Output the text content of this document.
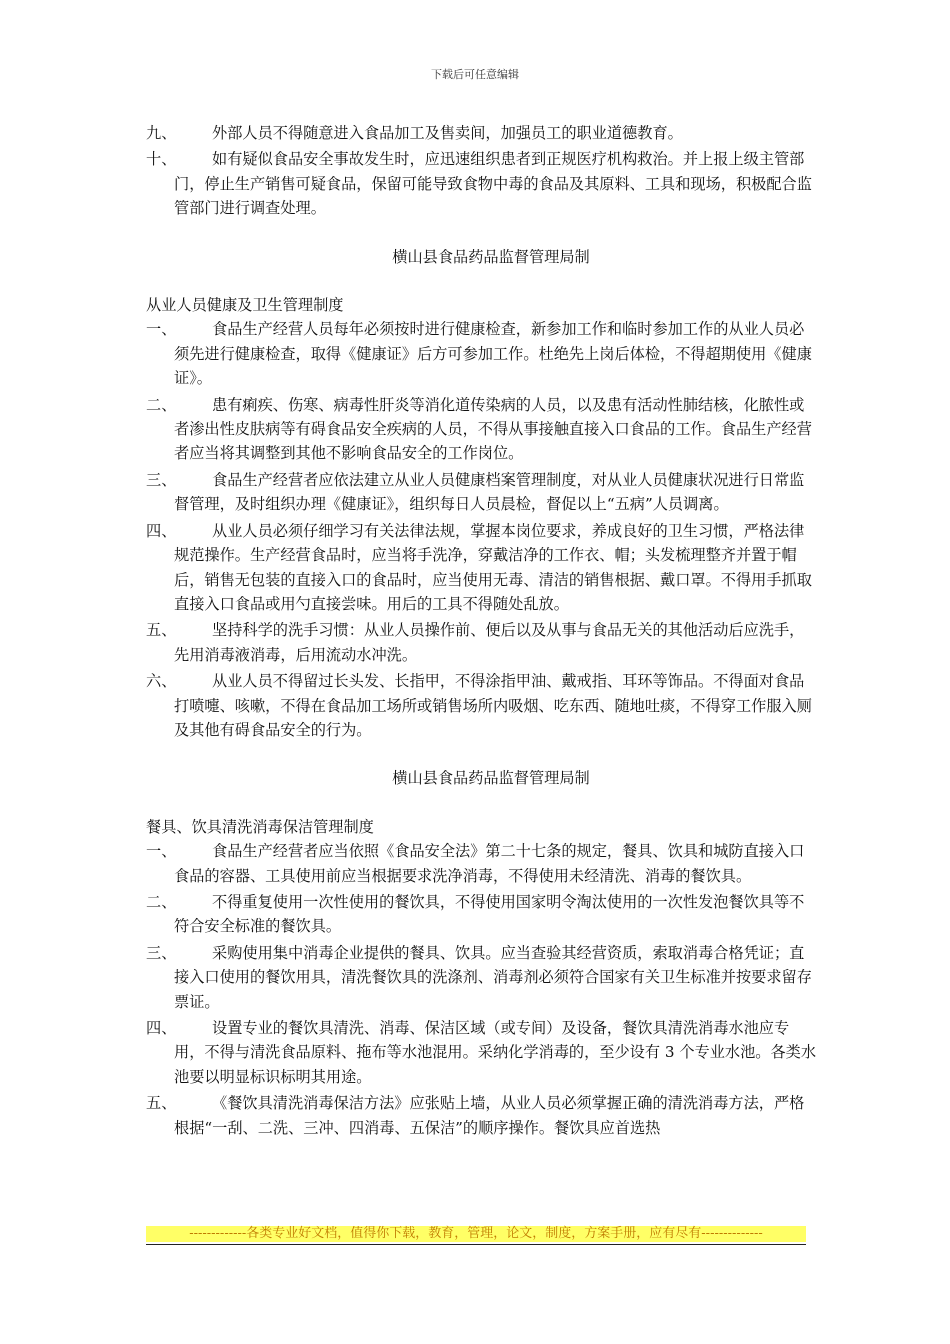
下载后可任意编辑
九、	外部人员不得随意进入食品加工及售卖间，加强员工的职业道德教育。
十、	如有疑似食品安全事故发生时，应迅速组织患者到正规医疗机构救治。并上报上级主管部门，停止生产销售可疑食品，保留可能导致食物中毒的食品及其原料、工具和现场，积极配合监管部门进行调查处理。
横山县食品药品监督管理局制
从业人员健康及卫生管理制度
一、	食品生产经营人员每年必须按时进行健康检查，新参加工作和临时参加工作的从业人员必须先进行健康检查，取得《健康证》后方可参加工作。杜绝先上岗后体检，不得超期使用《健康证》。
二、	患有痢疾、伤寒、病毒性肝炎等消化道传染病的人员，以及患有活动性肺结核，化脓性或者渗出性皮肤病等有碍食品安全疾病的人员，不得从事接触直接入口食品的工作。食品生产经营者应当将其调整到其他不影响食品安全的工作岗位。
三、	食品生产经营者应依法建立从业人员健康档案管理制度，对从业人员健康状况进行日常监督管理，及时组织办理《健康证》，组织每日人员晨检，督促以上“五病”人员调离。
四、	从业人员必须仔细学习有关法律法规，掌握本岗位要求，养成良好的卫生习惯，严格法律规范操作。生产经营食品时，应当将手洗净，穿戴洁净的工作衣、帽；头发梳理整齐并置于帽后，销售无包装的直接入口的食品时，应当使用无毒、清洁的销售根据、戴口罩。不得用手抓取直接入口食品或用勺直接尝味。用后的工具不得随处乱放。
五、	坚持科学的洗手习惯：从业人员操作前、便后以及从事与食品无关的其他活动后应洗手，先用消毒液消毒，后用流动水冲洗。
六、	从业人员不得留过长头发、长指甲，不得涂指甲油、戴戒指、耳环等饰品。不得面对食品打喷嚏、咳嗽，不得在食品加工场所或销售场所内吸烟、吃东西、随地吐痰，不得穿工作服入厕及其他有碍食品安全的行为。
横山县食品药品监督管理局制
餐具、饮具清洗消毒保洁管理制度
一、	食品生产经营者应当依照《食品安全法》第二十七条的规定，餐具、饮具和城防直接入口食品的容器、工具使用前应当根据要求洗净消毒，不得使用未经清洗、消毒的餐饮具。
二、	不得重复使用一次性使用的餐饮具，不得使用国家明令淘汰使用的一次性发泡餐饮具等不符合安全标准的餐饮具。
三、	采购使用集中消毒企业提供的餐具、饮具。应当查验其经营资质，索取消毒合格凭证；直接入口使用的餐饮用具，清洗餐饮具的洗涤剂、消毒剂必须符合国家有关卫生标准并按要求留存票证。
四、	设置专业的餐饮具清洗、消毒、保洁区域（或专间）及设备，餐饮具清洗消毒水池应专用，不得与清洗食品原料、拖布等水池混用。采纳化学消毒的，至少设有 3 个专业水池。各类水池要以明显标识标明其用途。
五、	《餐饮具清洗消毒保洁方法》应张贴上墙，从业人员必须掌握正确的清洗消毒方法，严格根据“一刮、二洗、三冲、四消毒、五保洁”的顺序操作。餐饮具应首选热
-------------各类专业好文档，值得你下载，教育，管理，论文，制度，方案手册，应有尽有--------------
